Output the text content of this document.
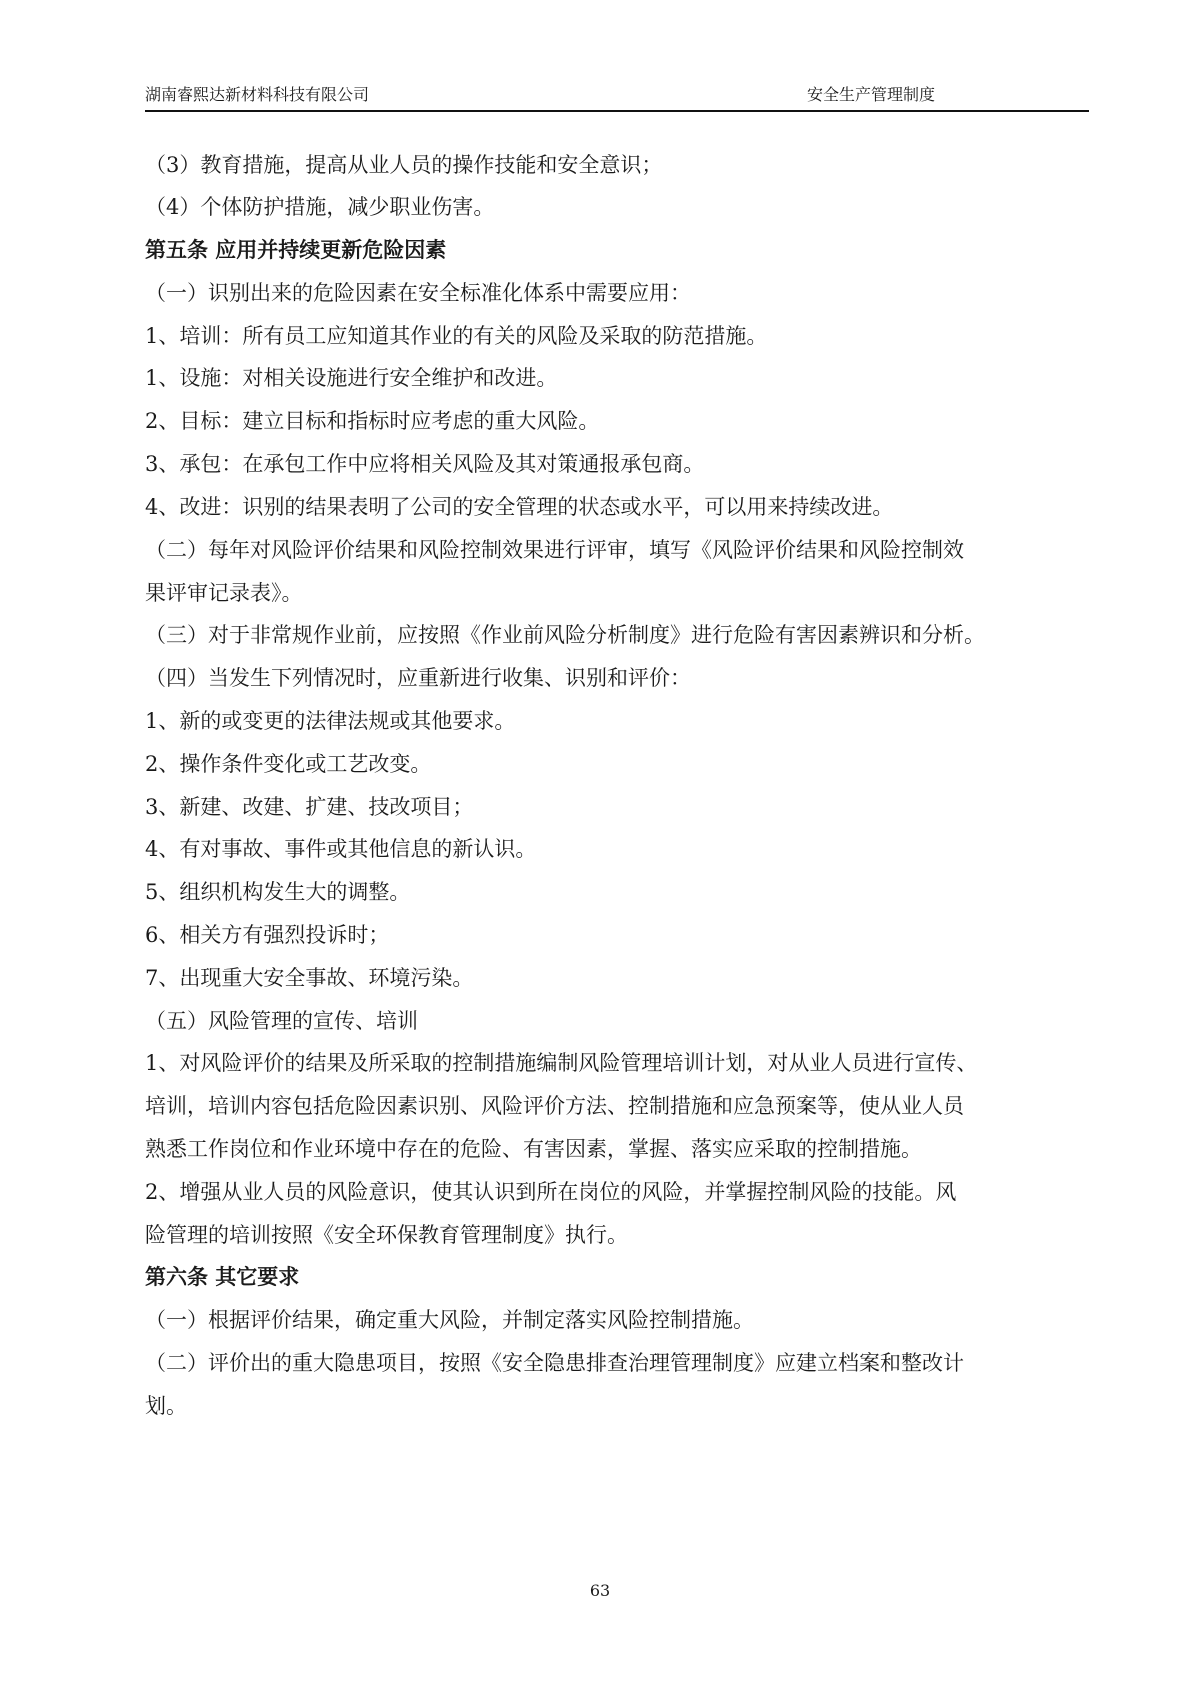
湖南睿熙达新材料科技有限公司	安全生产管理制度
（3）教育措施，提高从业人员的操作技能和安全意识；
（4）个体防护措施，减少职业伤害。
第五条 应用并持续更新危险因素
（一）识别出来的危险因素在安全标准化体系中需要应用：
1、培训：所有员工应知道其作业的有关的风险及采取的防范措施。
1、设施：对相关设施进行安全维护和改进。
2、目标：建立目标和指标时应考虑的重大风险。
3、承包：在承包工作中应将相关风险及其对策通报承包商。
4、改进：识别的结果表明了公司的安全管理的状态或水平，可以用来持续改进。
（二）每年对风险评价结果和风险控制效果进行评审，填写《风险评价结果和风险控制效
果评审记录表》。
（三）对于非常规作业前，应按照《作业前风险分析制度》进行危险有害因素辨识和分析。
（四）当发生下列情况时，应重新进行收集、识别和评价：
1、新的或变更的法律法规或其他要求。
2、操作条件变化或工艺改变。
3、新建、改建、扩建、技改项目；
4、有对事故、事件或其他信息的新认识。
5、组织机构发生大的调整。
6、相关方有强烈投诉时；
7、出现重大安全事故、环境污染。
（五）风险管理的宣传、培训
1、对风险评价的结果及所采取的控制措施编制风险管理培训计划，对从业人员进行宣传、
培训，培训内容包括危险因素识别、风险评价方法、控制措施和应急预案等，使从业人员
熟悉工作岗位和作业环境中存在的危险、有害因素，掌握、落实应采取的控制措施。
2、增强从业人员的风险意识，使其认识到所在岗位的风险，并掌握控制风险的技能。风
险管理的培训按照《安全环保教育管理制度》执行。
第六条 其它要求
（一）根据评价结果，确定重大风险，并制定落实风险控制措施。
（二）评价出的重大隐患项目，按照《安全隐患排查治理管理制度》应建立档案和整改计
划。
63
